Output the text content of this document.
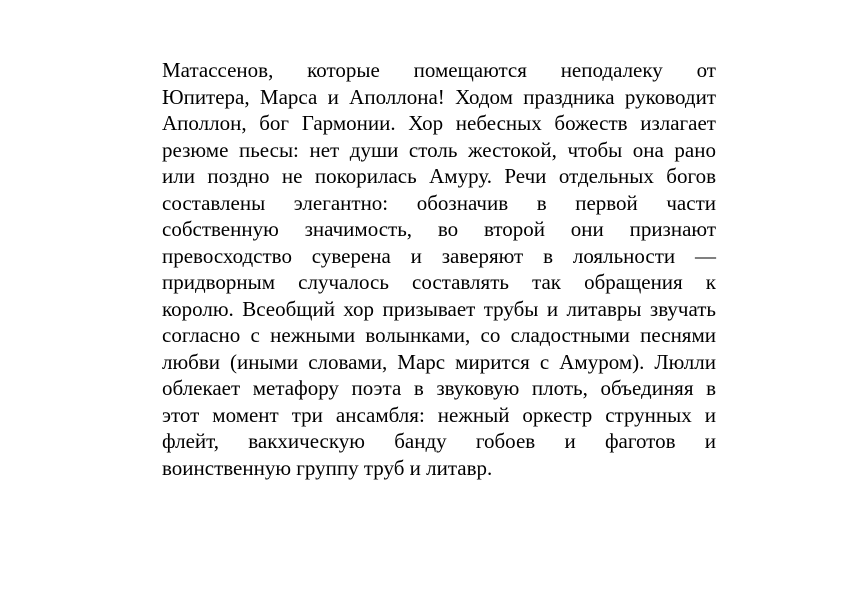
Матассенов, которые помещаются неподалеку от
Юпитера, Марса и Аполлона! Ходом праздника руководит
Аполлон, бог Гармонии. Хор небесных божеств излагает
резюме пьесы: нет души столь жестокой, чтобы она рано
или поздно не покорилась Амуру. Речи отдельных богов
составлены элегантно: обозначив в первой части
собственную значимость, во второй они признают
превосходство суверена и заверяют в лояльности —
придворным случалось составлять так обращения к
королю. Всеобщий хор призывает трубы и литавры звучать
согласно с нежными волынками, со сладостными песнями
любви (иными словами, Марс мирится с Амуром). Люлли
облекает метафору поэта в звуковую плоть, объединяя в
этот момент три ансамбля: нежный оркестр струнных и
флейт, вакхическую банду гобоев и фаготов и
воинственную группу труб и литавр.
